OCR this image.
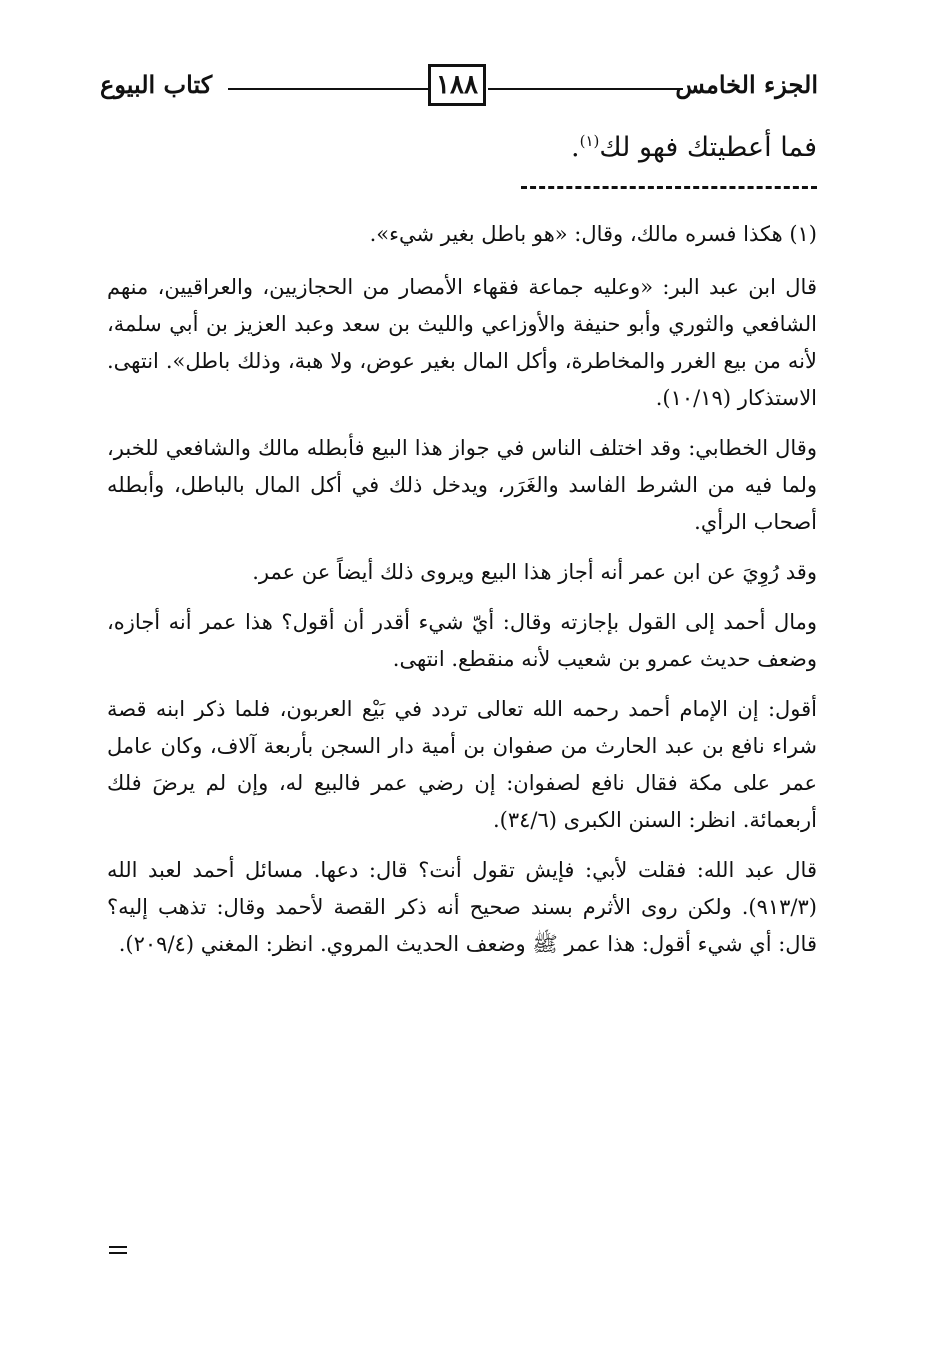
الجزء الخامس
١٨٨
كتاب البيوع
فما أعطيتك فهو لك$^{(١)}$.

(١) هكذا فسره مالك، وقال: «هو باطل بغير شيء».

قال ابن عبد البر: «وعليه جماعة فقهاء الأمصار من الحجازيين، والعراقيين، منهم الشافعي والثوري وأبو حنيفة والأوزاعي والليث بن سعد وعبد العزيز بن أبي سلمة، لأنه من بيع الغرر والمخاطرة، وأكل المال بغير عوض، ولا هبة، وذلك باطل». انتهى. الاستذكار (١٠/١٩).

وقال الخطابي: وقد اختلف الناس في جواز هذا البيع فأبطله مالك والشافعي للخبر، ولما فيه من الشرط الفاسد والغَرَر، ويدخل ذلك في أكل المال بالباطل، وأبطله أصحاب الرأي.

وقد رُوِيَ عن ابن عمر أنه أجاز هذا البيع ويروى ذلك أيضاً عن عمر.

ومال أحمد إلى القول بإجازته وقال: أيّ شيء أقدر أن أقول؟ هذا عمر أنه أجازه، وضعف حديث عمرو بن شعيب لأنه منقطع. انتهى.

أقول: إن الإمام أحمد رحمه الله تعالى تردد في بَيْع العربون، فلما ذكر ابنه قصة شراء نافع بن عبد الحارث من صفوان بن أمية دار السجن بأربعة آلاف، وكان عامل عمر على مكة فقال نافع لصفوان: إن رضي عمر فالبيع له، وإن لم يرضَ فلك أربعمائة. انظر: السنن الكبرى (٣٤/٦).

قال عبد الله: فقلت لأبي: فإيش تقول أنت؟ قال: دعها. مسائل أحمد لعبد الله (٩١٣/٣). ولكن روى الأثرم بسند صحيح أنه ذكر القصة لأحمد وقال: تذهب إليه؟ قال: أي شيء أقول: هذا عمر ﷺ وضعف الحديث المروي. انظر: المغني (٢٠٩/٤).
